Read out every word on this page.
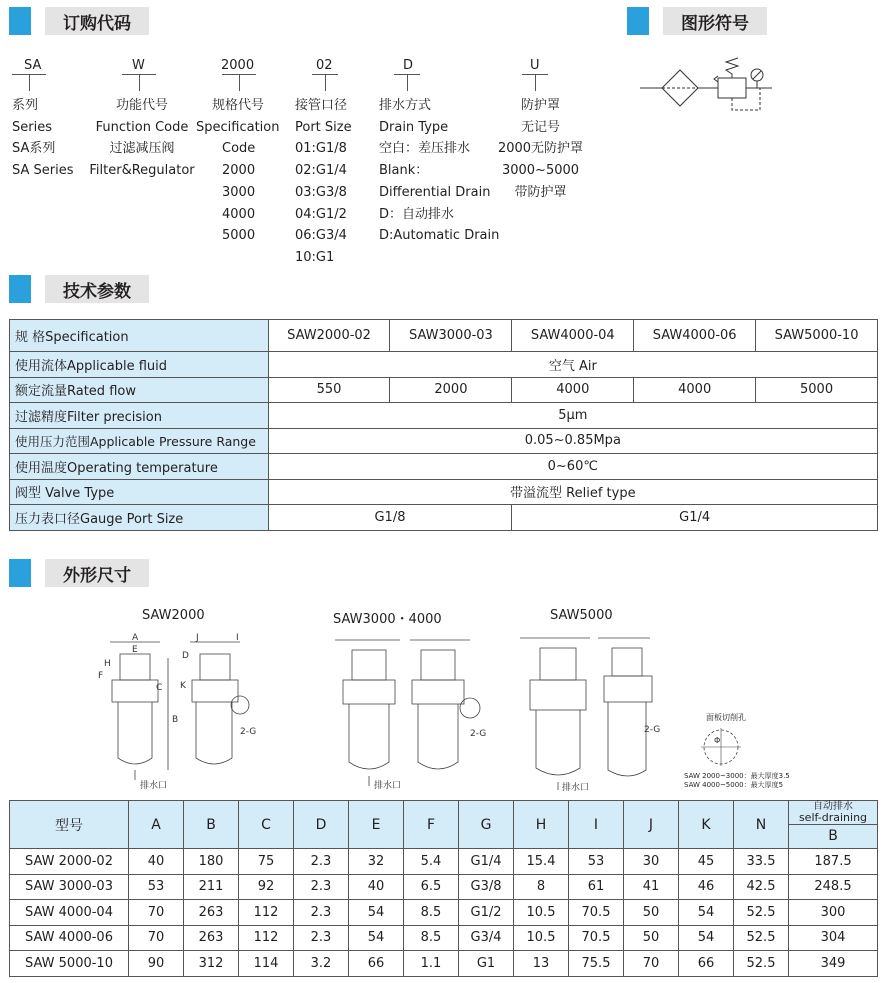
订购代码	图形符号
技术参数
外形尺寸
SA
系列
Series
SA系列
SA Series
W
功能代号
Function Code
过滤减压阀
Filter&Regulator
2000
规格代号
Specification
Code
2000
3000
4000
5000
02
接管口径
Port Size
01:G1/8
02:G1/4
03:G3/8
04:G1/2
06:G3/4
10:G1
D
排水方式
Drain Type
空白：差压排水
Blank：
Differential Drain
D：自动排水
D:Automatic Drain
U
防护罩
无记号
2000无防护罩
3000~5000
带防护罩
规 格Specification	SAW2000-02	SAW3000-03	SAW4000-04	SAW4000-06	SAW5000-10
使用流体Applicable fluid	空气 Air				
额定流量Rated flow	550	2000	4000	4000	5000
过滤精度Filter precision	5μm				
使用压力范围Applicable Pressure Range	0.05~0.85Mpa				
使用温度Operating temperature	0~60℃				
阀型 Valve Type	带溢流型 Relief type				
压力表口径Gauge Port Size	G1/8		G1/4		
SAW2000	SAW3000・4000	SAW5000
A
B
C
D
E
F
H
I
J
K
2-G	2-G	2-G
排水口	排水口	排水口
面板切削孔
Φ
SAW 2000~3000：最大厚度3.5
SAW 4000~5000：最大厚度5
型号	A	B	C	D	E	F	G	H	I	J	K	N	自动排水
self-draining
B

SAW 2000-02	40	180	75	2.3	32	5.4	G1/4	15.4	53	30	45	33.5	187.5
SAW 3000-03	53	211	92	2.3	40	6.5	G3/8	8	61	41	46	42.5	248.5
SAW 4000-04	70	263	112	2.3	54	8.5	G1/2	10.5	70.5	50	54	52.5	300
SAW 4000-06	70	263	112	2.3	54	8.5	G3/4	10.5	70.5	50	54	52.5	304
SAW 5000-10	90	312	114	3.2	66	1.1	G1	13	75.5	70	66	52.5	349
